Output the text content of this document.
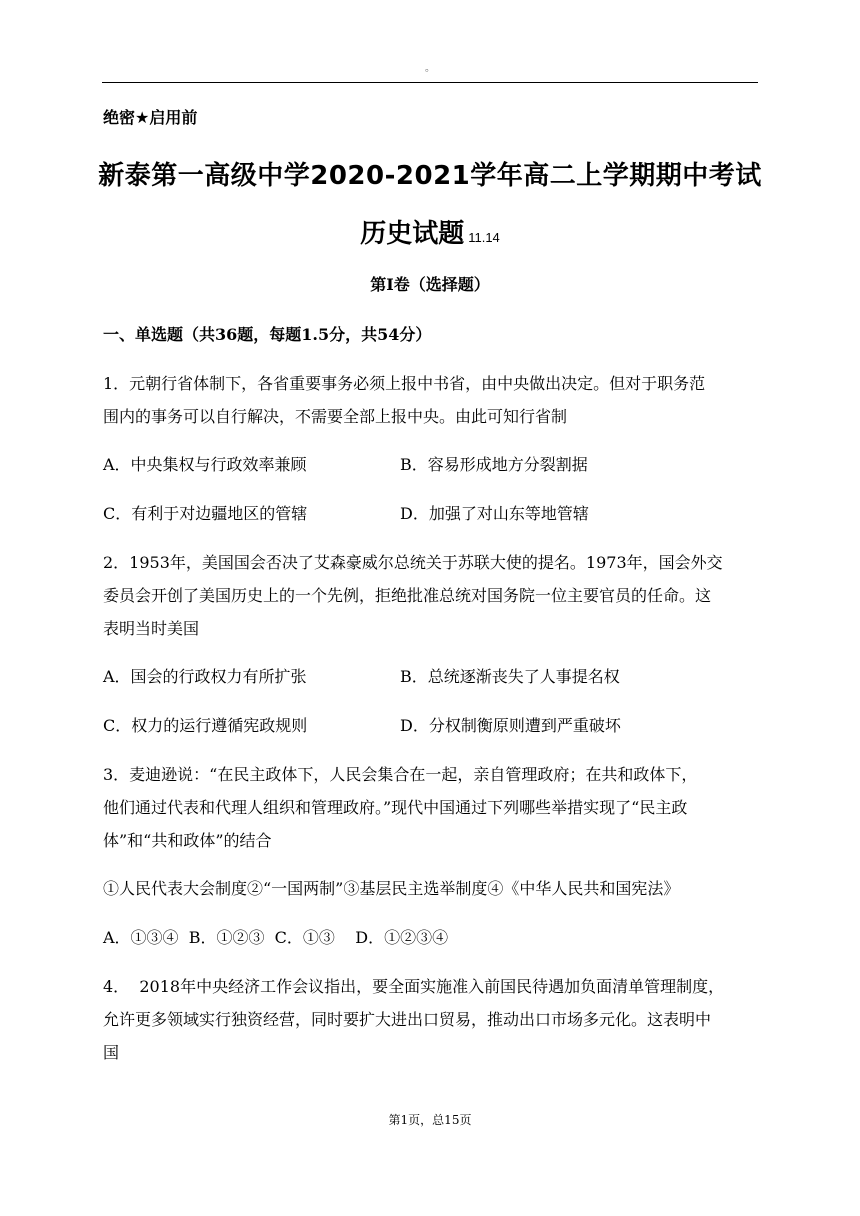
。
绝密★启用前
新泰第一高级中学2020-2021学年高二上学期期中考试
历史试题 11.14
第Ⅰ卷（选择题）
一、单选题（共36题，每题1.5分，共54分）
1．元朝行省体制下，各省重要事务必须上报中书省，由中央做出决定。但对于职务范
围内的事务可以自行解决，不需要全部上报中央。由此可知行省制
A．中央集权与行政效率兼顾	B．容易形成地方分裂割据
C．有利于对边疆地区的管辖	D．加强了对山东等地管辖
2．1953年，美国国会否决了艾森豪威尔总统关于苏联大使的提名。1973年，国会外交
委员会开创了美国历史上的一个先例，拒绝批准总统对国务院一位主要官员的任命。这
表明当时美国
A．国会的行政权力有所扩张	B．总统逐渐丧失了人事提名权
C．权力的运行遵循宪政规则	D．分权制衡原则遭到严重破坏
3．麦迪逊说：“在民主政体下，人民会集合在一起，亲自管理政府；在共和政体下，
他们通过代表和代理人组织和管理政府。”现代中国通过下列哪些举措实现了“民主政
体”和“共和政体”的结合
①人民代表大会制度②“一国两制”③基层民主选举制度④《中华人民共和国宪法》
A．①③④  B．①②③  C．①③    D．①②③④
4．  2018年中央经济工作会议指出，要全面实施准入前国民待遇加负面清单管理制度，
允许更多领域实行独资经营，同时要扩大进出口贸易，推动出口市场多元化。这表明中
国
第1页，总15页
